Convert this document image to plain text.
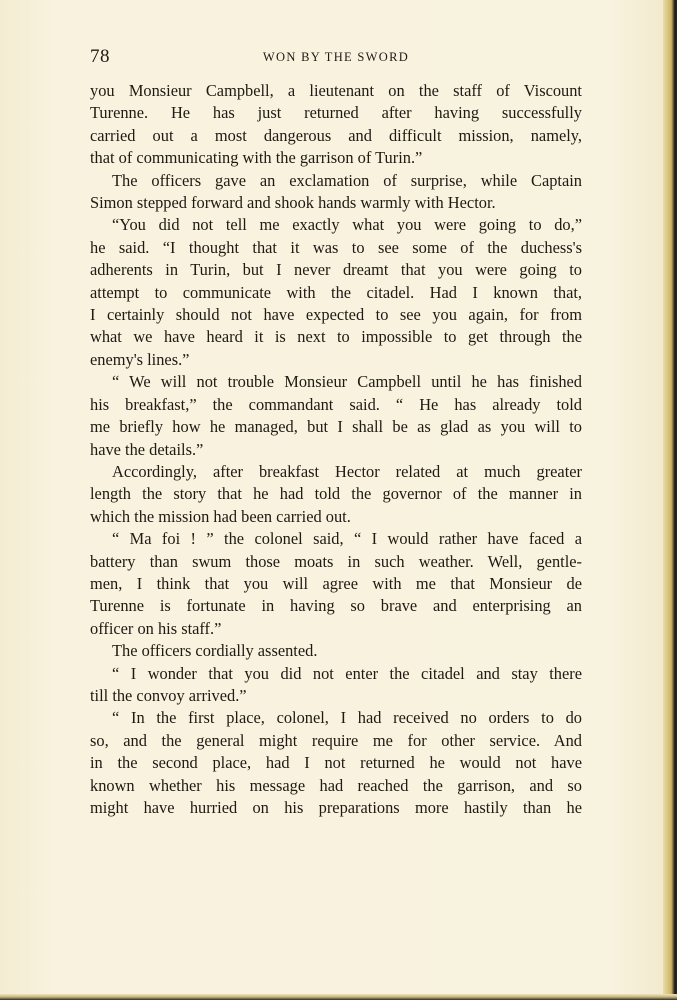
78	WON BY THE SWORD

you Monsieur Campbell, a lieutenant on the staff of Viscount

Turenne. He has just returned after having successfully

carried out a most dangerous and difficult mission, namely,

that of communicating with the garrison of Turin.”

The officers gave an exclamation of surprise, while Captain

Simon stepped forward and shook hands warmly with Hector.

“You did not tell me exactly what you were going to do,”

he said. “I thought that it was to see some of the duchess's

adherents in Turin, but I never dreamt that you were going to

attempt to communicate with the citadel. Had I known that,

I certainly should not have expected to see you again, for from

what we have heard it is next to impossible to get through the

enemy's lines.”

“ We will not trouble Monsieur Campbell until he has finished

his breakfast,” the commandant said. “ He has already told

me briefly how he managed, but I shall be as glad as you will to

have the details.”

Accordingly, after breakfast Hector related at much greater

length the story that he had told the governor of the manner in

which the mission had been carried out.

“ Ma foi ! ” the colonel said, “ I would rather have faced a

battery than swum those moats in such weather. Well, gentle-

men, I think that you will agree with me that Monsieur de

Turenne is fortunate in having so brave and enterprising an

officer on his staff.”

The officers cordially assented.

“ I wonder that you did not enter the citadel and stay there

till the convoy arrived.”

“ In the first place, colonel, I had received no orders to do

so, and the general might require me for other service. And

in the second place, had I not returned he would not have

known whether his message had reached the garrison, and so

might have hurried on his preparations more hastily than he
